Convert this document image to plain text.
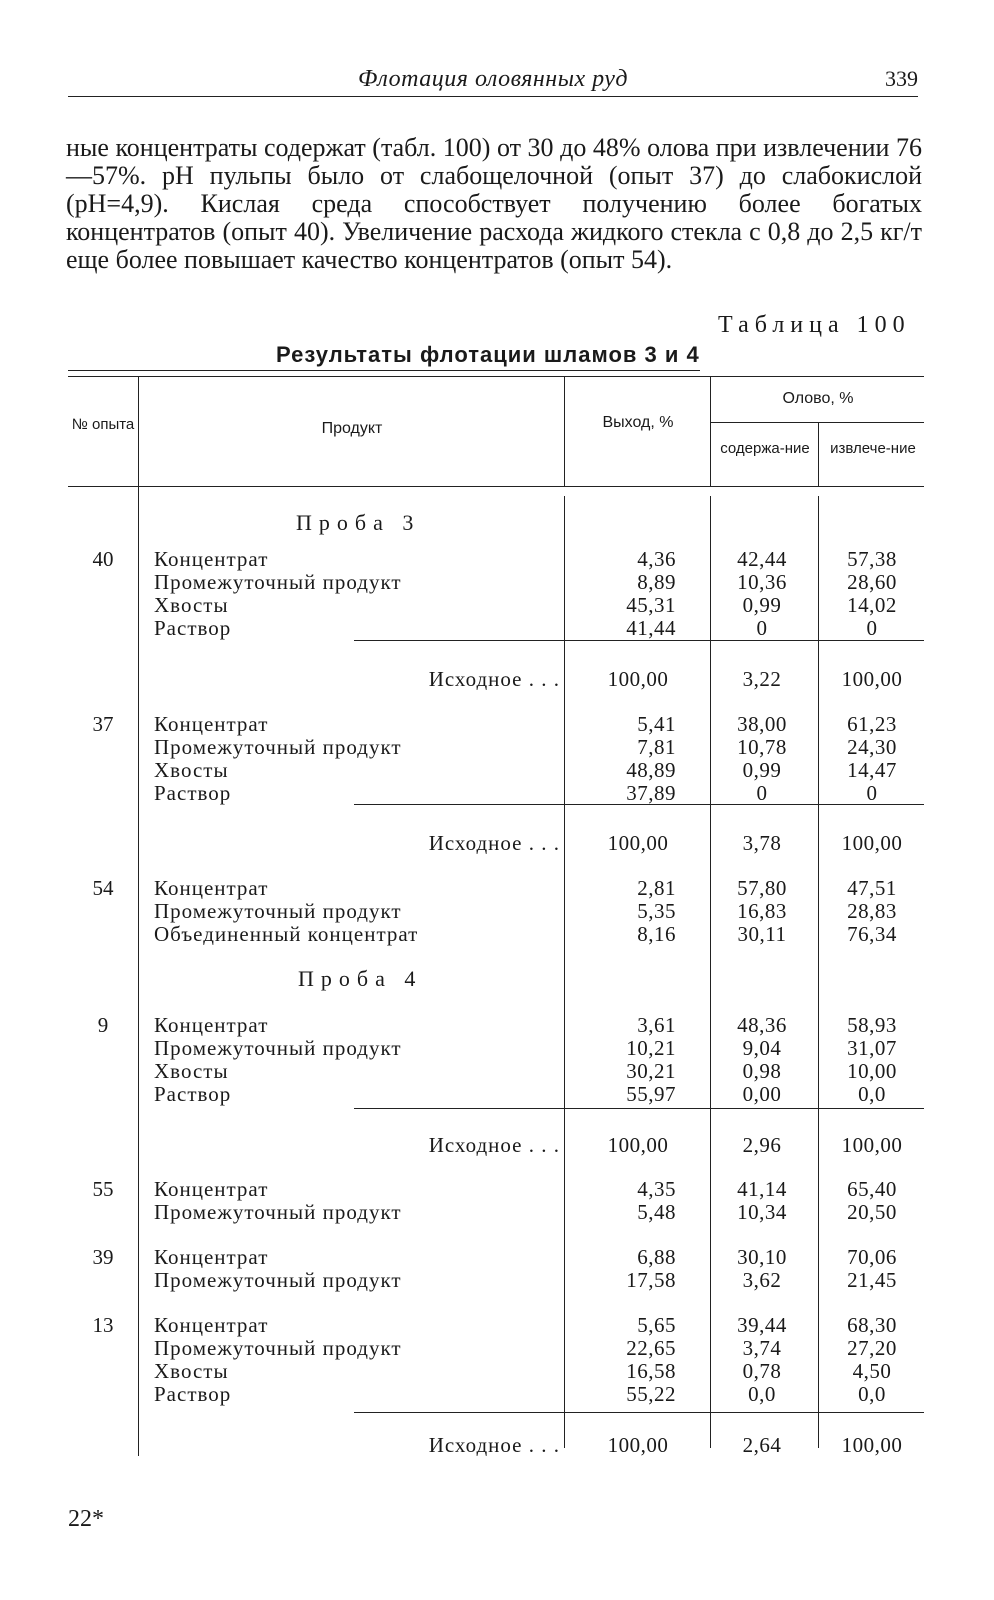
Флотация оловянных руд	339

ные концентраты содержат (табл. 100) от 30 до 48% олова при извлечении 76—57%. pH пульпы было от слабощелочной (опыт 37) до слабокислой (pH=4,9). Кислая среда способствует получению более богатых концентратов (опыт 40). Увеличение расхода жидкого стекла с 0,8 до 2,5 кг/т еще более повышает качество концентратов (опыт 54).

Таблица 100
Результаты флотации шламов 3 и 4
№ опыта	Продукт	Выход, %
Олово, %
содержа-ние	извлече-ние
Проба 3
Проба 4
40	Концентрат	4,36	42,44	57,38
Промежуточный продукт	8,89	10,36	28,60
Хвосты	45,31	0,99	14,02
Раствор	41,44	0	0
Исходное . . .	100,00	3,22	100,00
37	Концентрат	5,41	38,00	61,23
Промежуточный продукт	7,81	10,78	24,30
Хвосты	48,89	0,99	14,47
Раствор	37,89	0	0
Исходное . . .	100,00	3,78	100,00
54	Концентрат	2,81	57,80	47,51
Промежуточный продукт	5,35	16,83	28,83
Объединенный концентрат	8,16	30,11	76,34
9	Концентрат	3,61	48,36	58,93
Промежуточный продукт	10,21	9,04	31,07
Хвосты	30,21	0,98	10,00
Раствор	55,97	0,00	0,0
Исходное . . .	100,00	2,96	100,00
55	Концентрат	4,35	41,14	65,40
Промежуточный продукт	5,48	10,34	20,50
39	Концентрат	6,88	30,10	70,06
Промежуточный продукт	17,58	3,62	21,45
13	Концентрат	5,65	39,44	68,30
Промежуточный продукт	22,65	3,74	27,20
Хвосты	16,58	0,78	4,50
Раствор	55,22	0,0	0,0
Исходное . . .	100,00	2,64	100,00
22*
